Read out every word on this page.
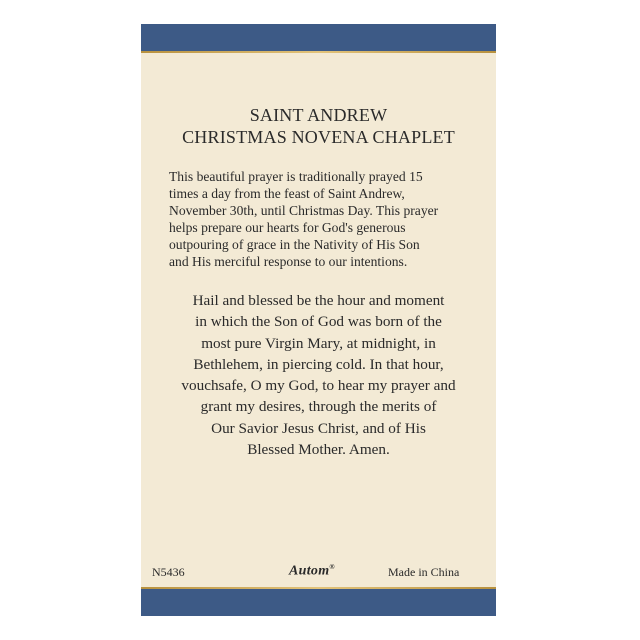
SAINT ANDREW
CHRISTMAS NOVENA CHAPLET
This beautiful prayer is traditionally prayed 15
times a day from the feast of Saint Andrew,
November 30th, until Christmas Day. This prayer
helps prepare our hearts for God's generous
outpouring of grace in the Nativity of His Son
and His merciful response to our intentions.
Hail and blessed be the hour and moment
in which the Son of God was born of the
most pure Virgin Mary, at midnight, in
Bethlehem, in piercing cold. In that hour,
vouchsafe, O my God, to hear my prayer and
grant my desires, through the merits of
Our Savior Jesus Christ, and of His
Blessed Mother. Amen.
N5436	Autom®	Made in China
